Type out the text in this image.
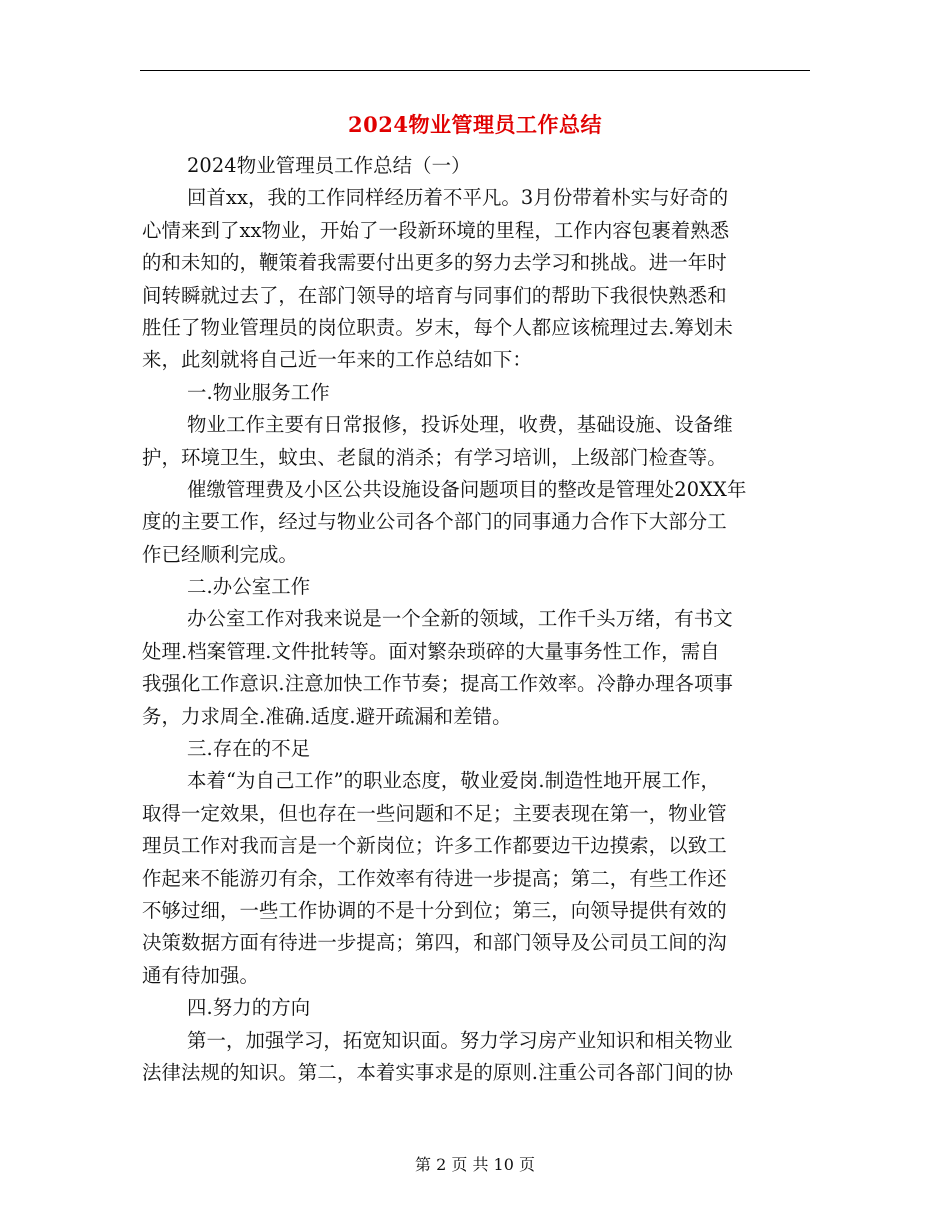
2024物业管理员工作总结
2024物业管理员工作总结（一）
回首xx，我的工作同样经历着不平凡。3月份带着朴实与好奇的
心情来到了xx物业，开始了一段新环境的里程，工作内容包裹着熟悉
的和未知的，鞭策着我需要付出更多的努力去学习和挑战。进一年时
间转瞬就过去了，在部门领导的培育与同事们的帮助下我很快熟悉和
胜任了物业管理员的岗位职责。岁末，每个人都应该梳理过去.筹划未
来，此刻就将自己近一年来的工作总结如下：
一.物业服务工作
物业工作主要有日常报修，投诉处理，收费，基础设施、设备维
护，环境卫生，蚊虫、老鼠的消杀；有学习培训，上级部门检查等。
催缴管理费及小区公共设施设备问题项目的整改是管理处20XX年
度的主要工作，经过与物业公司各个部门的同事通力合作下大部分工
作已经顺利完成。
二.办公室工作
办公室工作对我来说是一个全新的领域，工作千头万绪，有书文
处理.档案管理.文件批转等。面对繁杂琐碎的大量事务性工作，需自
我强化工作意识.注意加快工作节奏；提高工作效率。冷静办理各项事
务，力求周全.准确.适度.避开疏漏和差错。
三.存在的不足
本着“为自己工作”的职业态度，敬业爱岗.制造性地开展工作，
取得一定效果，但也存在一些问题和不足；主要表现在第一，物业管
理员工作对我而言是一个新岗位；许多工作都要边干边摸索，以致工
作起来不能游刃有余，工作效率有待进一步提高；第二，有些工作还
不够过细，一些工作协调的不是十分到位；第三，向领导提供有效的
决策数据方面有待进一步提高；第四，和部门领导及公司员工间的沟
通有待加强。
四.努力的方向
第一，加强学习，拓宽知识面。努力学习房产业知识和相关物业
法律法规的知识。第二，本着实事求是的原则.注重公司各部门间的协
第 2 页 共 10 页
